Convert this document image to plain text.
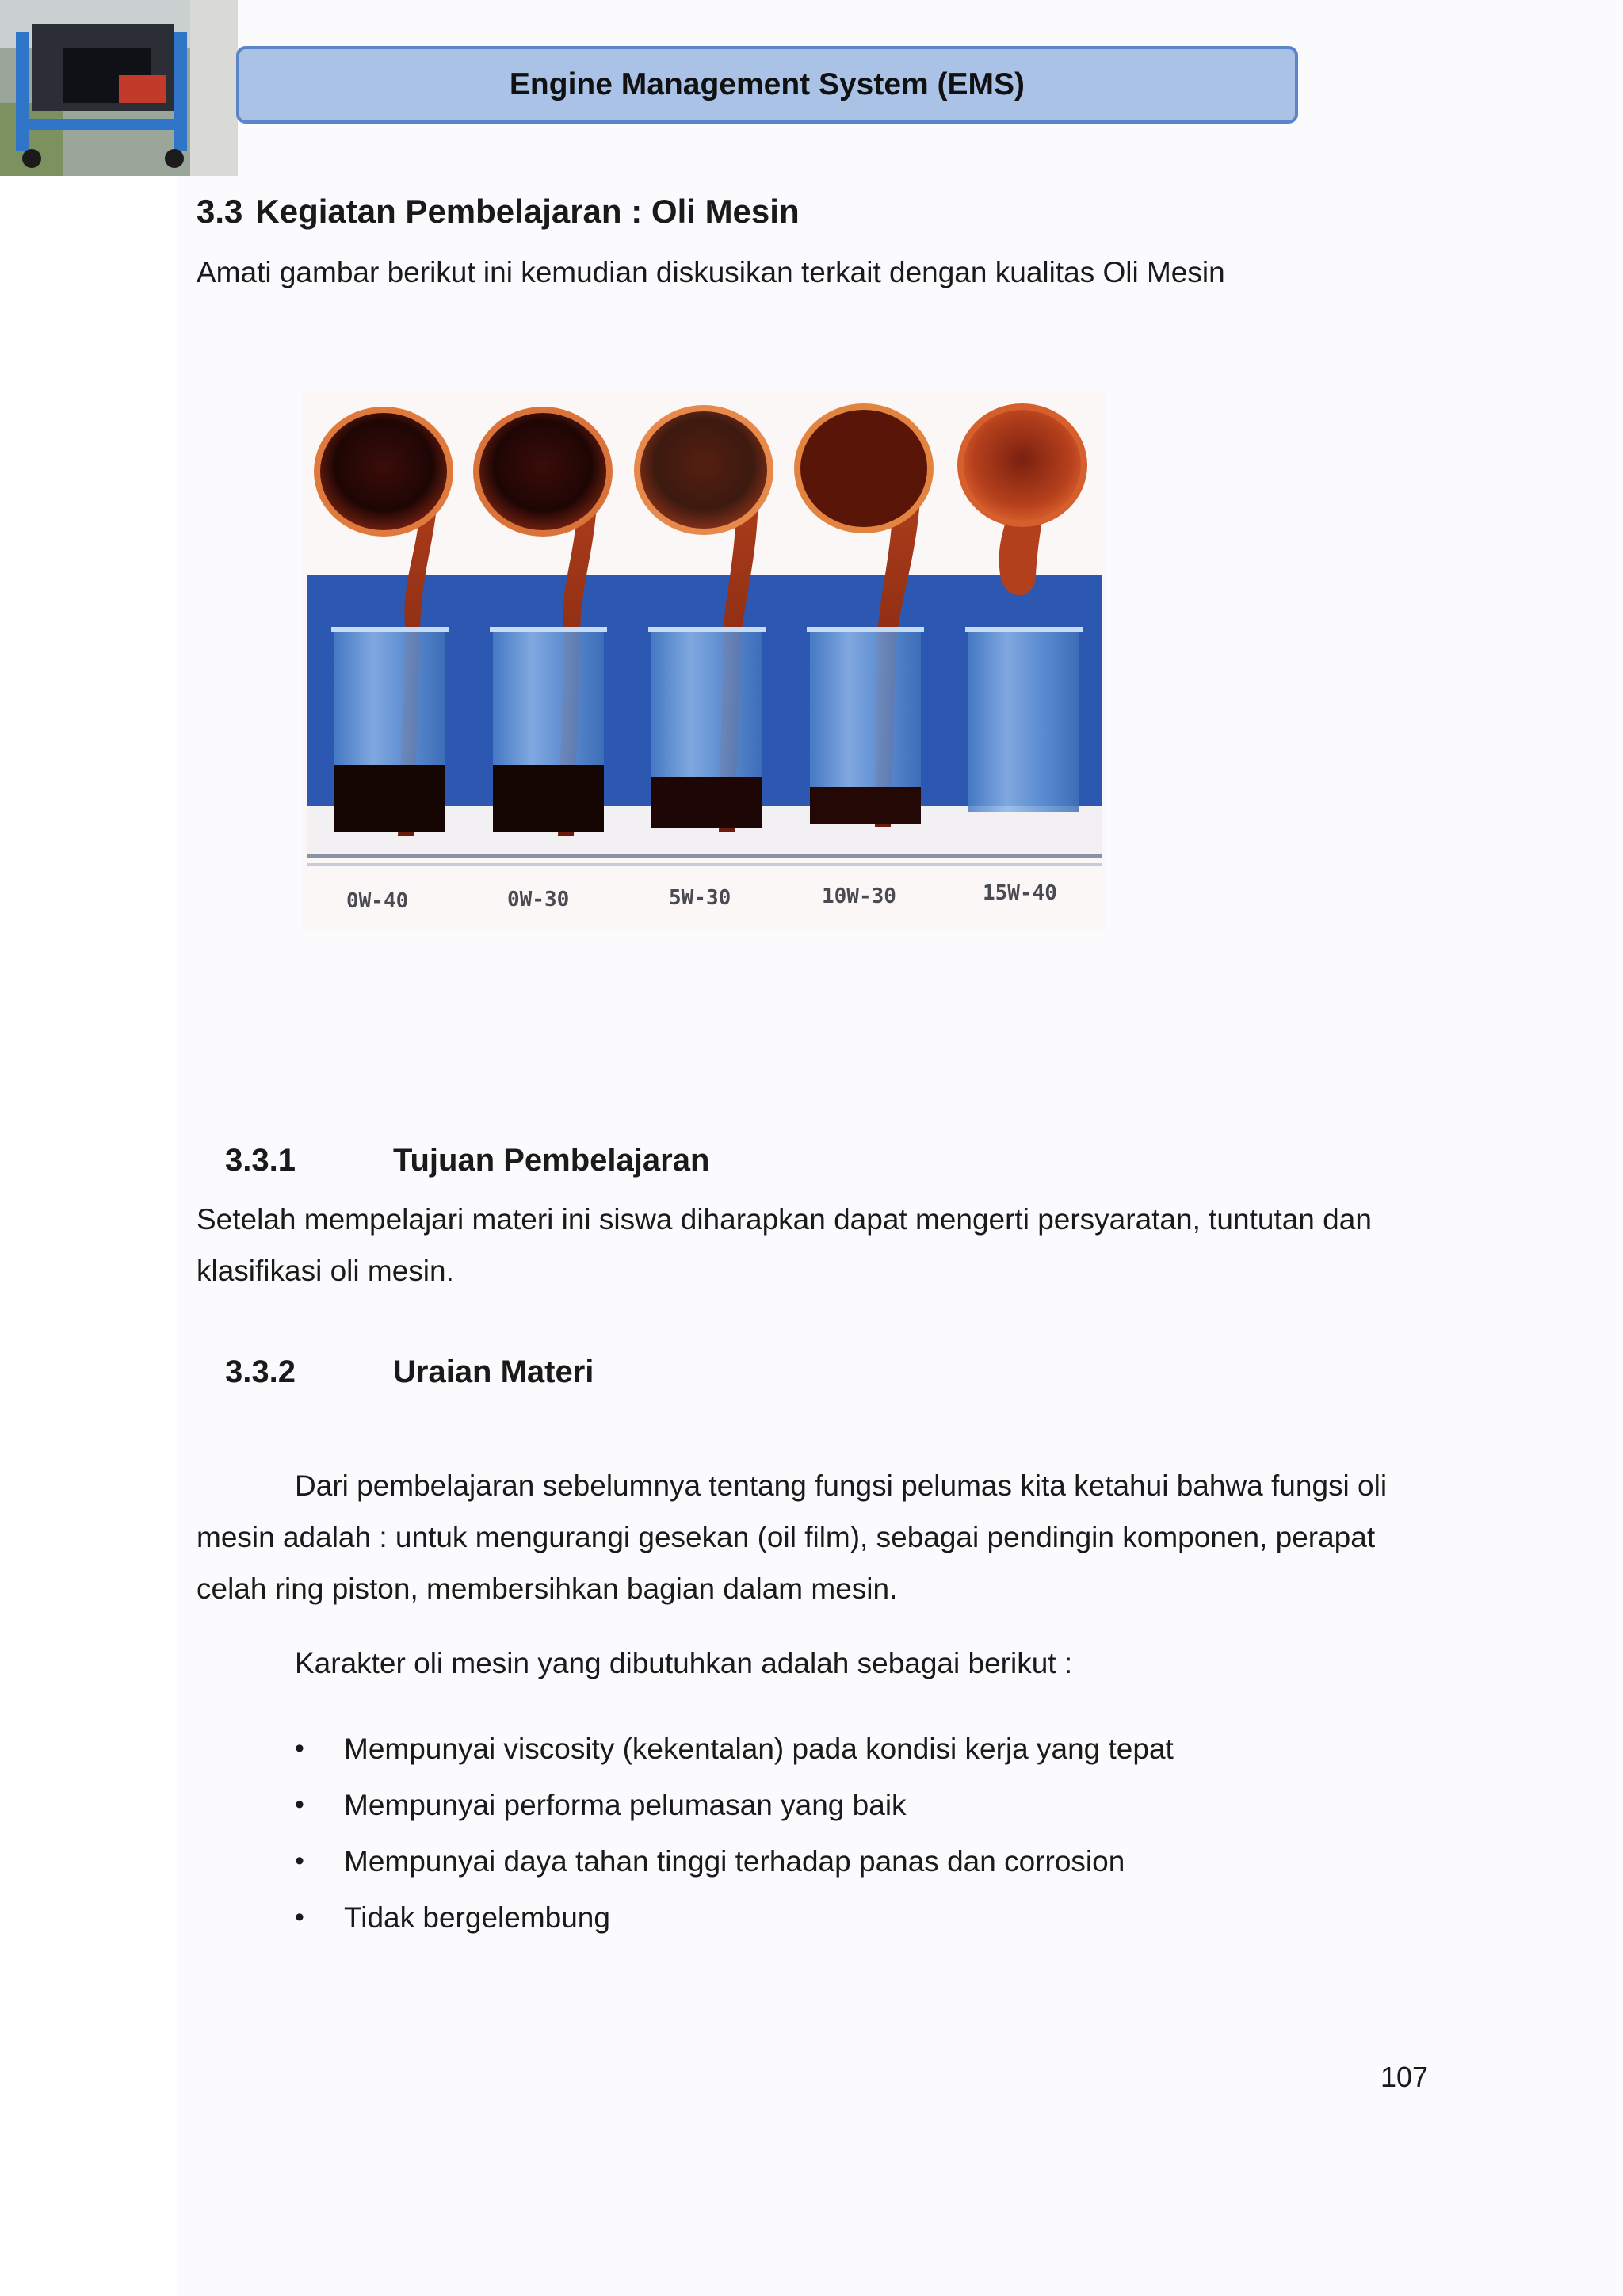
Engine Management System (EMS)
3.3 Kegiatan Pembelajaran : Oli Mesin
Amati gambar berikut ini kemudian diskusikan terkait dengan kualitas Oli Mesin
0W-40	0W-30	5W-30	10W-30	15W-40
3.3.1	Tujuan Pembelajaran
Setelah mempelajari materi ini siswa diharapkan dapat mengerti persyaratan, tuntutan dan
klasifikasi oli mesin.
3.3.2	Uraian Materi
Dari pembelajaran sebelumnya tentang fungsi pelumas kita ketahui bahwa fungsi oli
mesin adalah : untuk mengurangi gesekan (oil film), sebagai pendingin komponen, perapat
celah ring piston, membersihkan bagian dalam mesin.
Karakter oli mesin yang dibutuhkan adalah sebagai berikut :
• Mempunyai viscosity (kekentalan) pada kondisi kerja yang tepat
• Mempunyai performa pelumasan yang baik
• Mempunyai daya tahan tinggi terhadap panas dan corrosion
• Tidak bergelembung
107
